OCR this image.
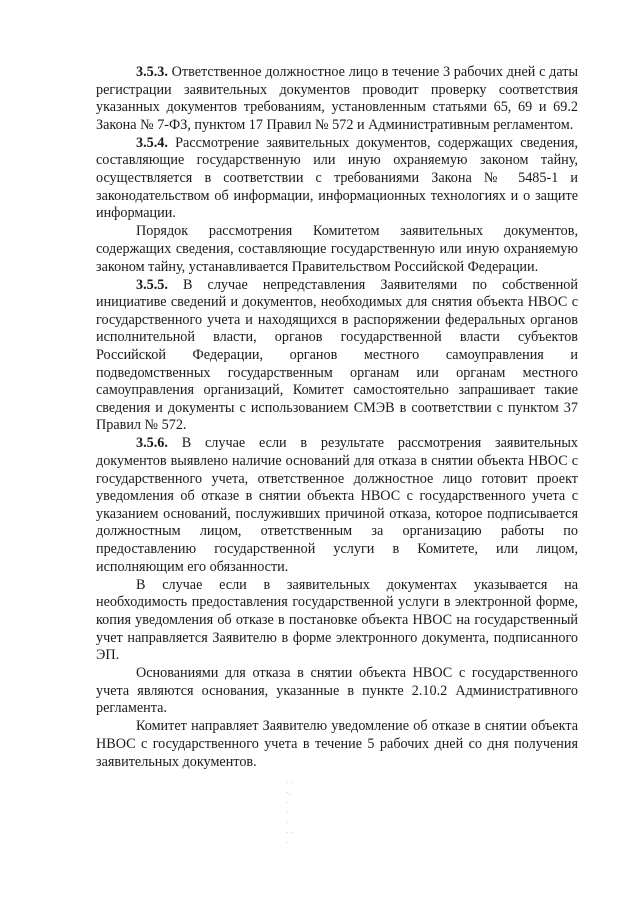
3.5.3. Ответственное должностное лицо в течение 3 рабочих дней с даты регистрации заявительных документов проводит проверку соответствия указанных документов требованиям, установленным статьями 65, 69 и 69.2 Закона № 7-ФЗ, пунктом 17 Правил № 572 и Административным регламентом.

3.5.4. Рассмотрение заявительных документов, содержащих сведения, составляющие государственную или иную охраняемую законом тайну, осуществляется в соответствии с требованиями Закона № 5485-1 и законодательством об информации, информационных технологиях и о защите информации.

Порядок рассмотрения Комитетом заявительных документов, содержащих сведения, составляющие государственную или иную охраняемую законом тайну, устанавливается Правительством Российской Федерации.

3.5.5. В случае непредставления Заявителями по собственной инициативе сведений и документов, необходимых для снятия объекта НВОС с государственного учета и находящихся в распоряжении федеральных органов исполнительной власти, органов государственной власти субъектов Российской Федерации, органов местного самоуправления и подведомственных государственным органам или органам местного самоуправления организаций, Комитет самостоятельно запрашивает такие сведения и документы с использованием СМЭВ в соответствии с пунктом 37 Правил № 572.

3.5.6. В случае если в результате рассмотрения заявительных документов выявлено наличие оснований для отказа в снятии объекта НВОС с государственного учета, ответственное должностное лицо готовит проект уведомления об отказе в снятии объекта НВОС с государственного учета с указанием оснований, послуживших причиной отказа, которое подписывается должностным лицом, ответственным за организацию работы по предоставлению государственной услуги в Комитете, или лицом, исполняющим его обязанности.

В случае если в заявительных документах указывается на необходимость предоставления государственной услуги в электронной форме, копия уведомления об отказе в постановке объекта НВОС на государственный учет направляется Заявителю в форме электронного документа, подписанного ЭП.

Основаниями для отказа в снятии объекта НВОС с государственного учета являются основания, указанные в пункте 2.10.2 Административного регламента.

Комитет направляет Заявителю уведомление об отказе в снятии объекта НВОС с государственного учета в течение 5 рабочих дней со дня получения заявительных документов.

· ·
-.
·
·
·
· ·
·
